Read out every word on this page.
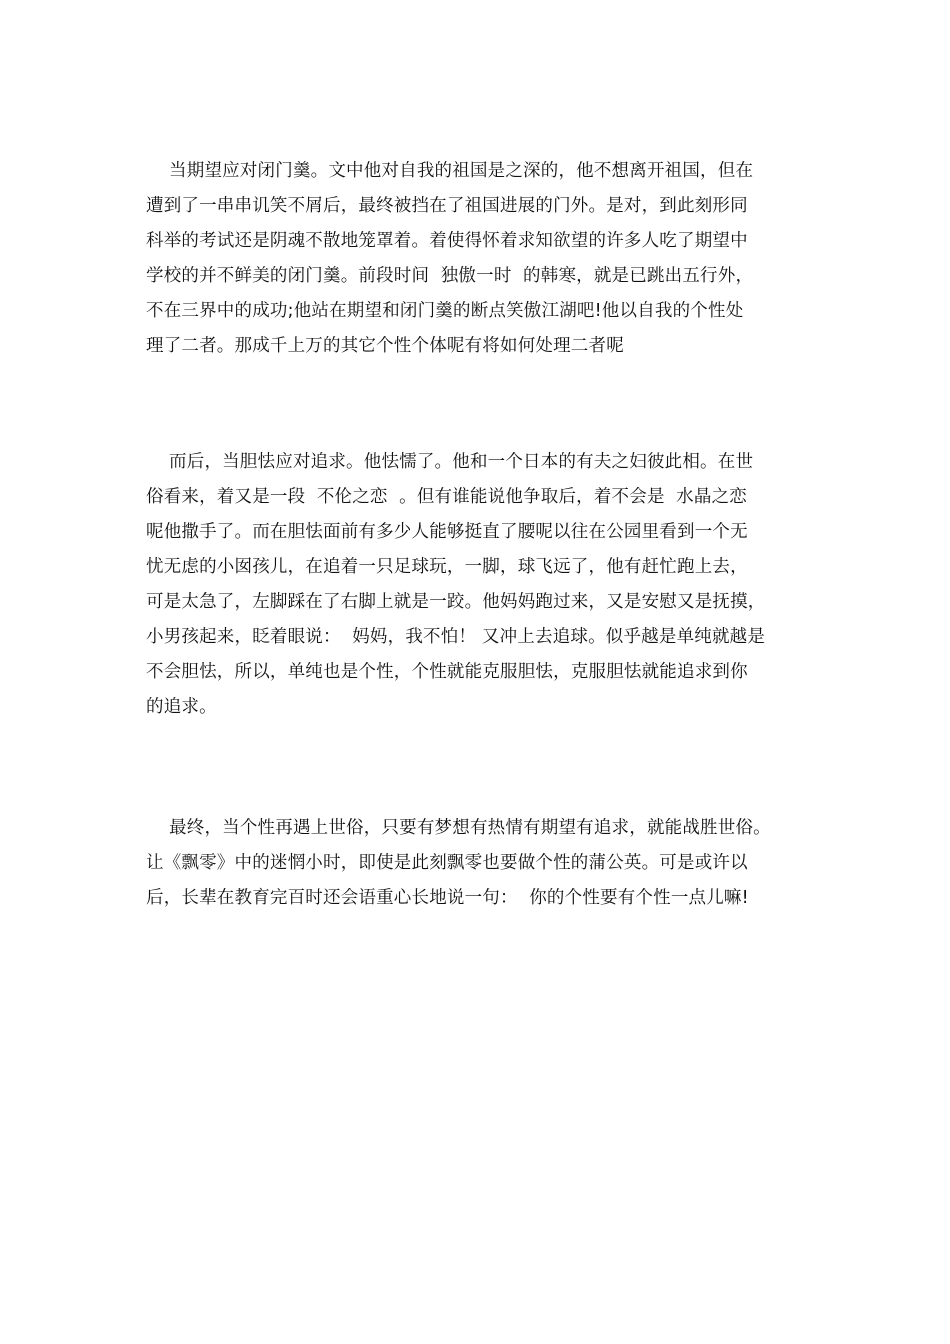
当期望应对闭门羹。文中他对自我的祖国是之深的，他不想离开祖国，但在
遭到了一串串讥笑不屑后，最终被挡在了祖国进展的门外。是对，到此刻形同
科举的考试还是阴魂不散地笼罩着。着使得怀着求知欲望的许多人吃了期望中
学校的并不鲜美的闭门羹。前段时间  独傲一时  的韩寒，就是已跳出五行外，
不在三界中的成功;他站在期望和闭门羹的断点笑傲江湖吧!他以自我的个性处
理了二者。那成千上万的其它个性个体呢有将如何处理二者呢
而后，当胆怯应对追求。他怯懦了。他和一个日本的有夫之妇彼此相。在世
俗看来，着又是一段  不伦之恋  。但有谁能说他争取后，着不会是  水晶之恋
呢他撒手了。而在胆怯面前有多少人能够挺直了腰呢以往在公园里看到一个无
忧无虑的小囡孩儿，在追着一只足球玩，一脚，球飞远了，他有赶忙跑上去，
可是太急了，左脚踩在了右脚上就是一跤。他妈妈跑过来，又是安慰又是抚摸，
小男孩起来，眨着眼说：  妈妈，我不怕！ 又冲上去追球。似乎越是单纯就越是
不会胆怯，所以，单纯也是个性，个性就能克服胆怯，克服胆怯就能追求到你
的追求。
最终，当个性再遇上世俗，只要有梦想有热情有期望有追求，就能战胜世俗。
让《飘零》中的迷惘小时，即使是此刻飘零也要做个性的蒲公英。可是或许以
后，长辈在教育完百时还会语重心长地说一句：  你的个性要有个性一点儿嘛!
